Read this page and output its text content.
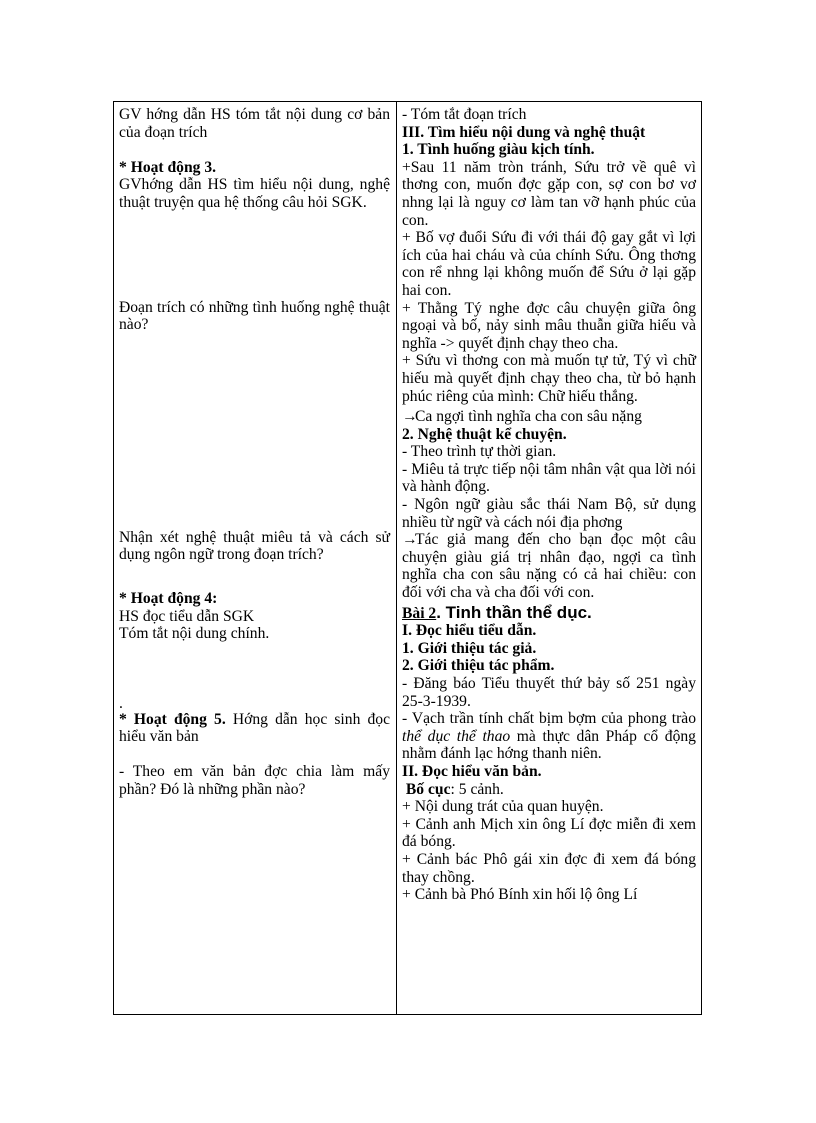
GV hớng dẫn HS tóm tắt nội dung cơ bản của đoạn trích

* Hoạt động 3.

GVhớng dẫn HS tìm hiểu nội dung, nghệ thuật truyện qua hệ thống câu hỏi SGK.

Đoạn trích có những tình huống nghệ thuật nào?

Nhận xét nghệ thuật miêu tả và cách sử dụng ngôn ngữ trong đoạn trích?

* Hoạt động 4:

HS đọc tiểu dẫn SGK

Tóm tắt nội dung chính.

.

* Hoạt động 5. Hớng dẫn học sinh đọc hiểu văn bản

- Theo em văn bản đợc chia làm mấy phần? Đó là những phần nào?

- Tóm tắt đoạn trích

III. Tìm hiểu nội dung và nghệ thuật

1. Tình huống giàu kịch tính.

+Sau 11 năm tròn tránh, Sứu trở về quê vì thơng con, muốn đợc gặp con, sợ con bơ vơ nhng lại là nguy cơ làm tan vỡ hạnh phúc của con.

+ Bố vợ đuổi Sứu đi với thái độ gay gắt vì lợi ích của hai cháu và của chính Sứu. Ông thơng con rể nhng lại không muốn để Sứu ở lại gặp hai con.

+ Thằng Tý nghe đợc câu chuyện giữa ông ngoại và bố, nảy sinh mâu thuẫn giữa hiếu và nghĩa -> quyết định chạy theo cha.

+ Sứu vì thơng con mà muốn tự tử, Tý vì chữ hiếu mà quyết định chạy theo cha, từ bỏ hạnh phúc riêng của mình: Chữ hiếu thắng.

→Ca ngợi tình nghĩa cha con sâu nặng

2. Nghệ thuật kể chuyện.

- Theo trình tự thời gian.

- Miêu tả trực tiếp nội tâm nhân vật qua lời nói và hành động.

- Ngôn ngữ giàu sắc thái Nam Bộ, sử dụng nhiều từ ngữ và cách nói địa phơng

→Tác giả mang đến cho bạn đọc một câu chuyện giàu giá trị nhân đạo, ngợi ca tình nghĩa cha con sâu nặng có cả hai chiều: con đối với cha và cha đối với con.

Bài 2. Tinh thần thể dục.

I. Đọc hiểu tiểu dẫn.

1. Giới thiệu tác giả.

2. Giới thiệu tác phẩm.

- Đăng báo Tiểu thuyết thứ bảy số 251 ngày 25-3-1939.

- Vạch trần tính chất bịm bợm của phong trào thể dục thể thao mà thực dân Pháp cổ động nhằm đánh lạc hớng thanh niên.

II. Đọc hiểu văn bản.

Bố cục: 5 cảnh.

+ Nội dung trát của quan huyện.

+ Cảnh anh Mịch xin ông Lí đợc miễn đi xem đá bóng.

+ Cảnh bác Phô gái xin đợc đi xem đá bóng thay chồng.

+ Cảnh bà Phó Bính xin hối lộ ông Lí
